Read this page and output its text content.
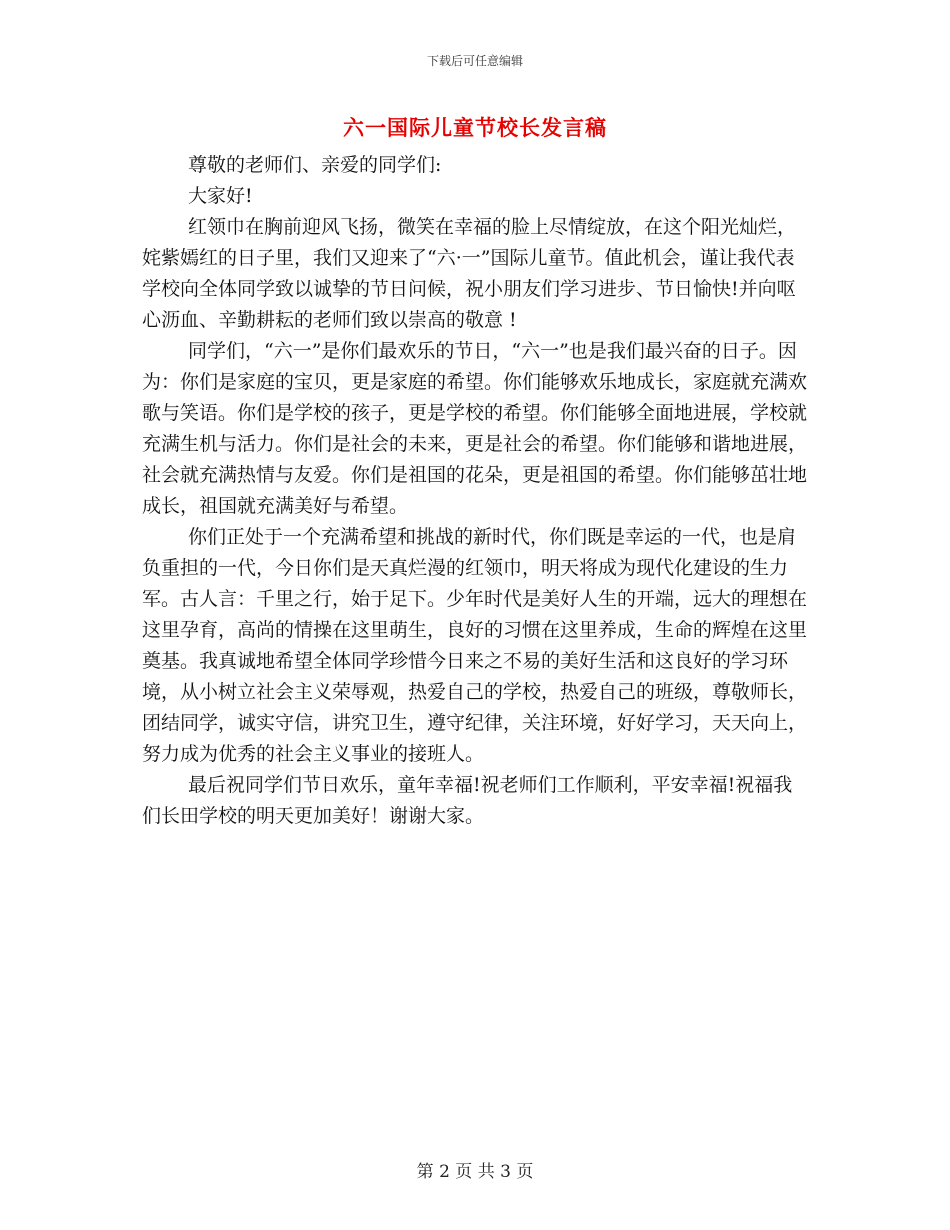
下载后可任意编辑
六一国际儿童节校长发言稿

尊敬的老师们、亲爱的同学们:

大家好!

红领巾在胸前迎风飞扬，微笑在幸福的脸上尽情绽放，在这个阳光灿烂，姹紫嫣红的日子里，我们又迎来了“六·一”国际儿童节。值此机会，谨让我代表学校向全体同学致以诚挚的节日问候，祝小朋友们学习进步、节日愉快!并向呕心沥血、辛勤耕耘的老师们致以崇高的敬意 !

同学们，“六一”是你们最欢乐的节日，“六一”也是我们最兴奋的日子。因为：你们是家庭的宝贝，更是家庭的希望。你们能够欢乐地成长，家庭就充满欢歌与笑语。你们是学校的孩子，更是学校的希望。你们能够全面地进展，学校就充满生机与活力。你们是社会的未来，更是社会的希望。你们能够和谐地进展，社会就充满热情与友爱。你们是祖国的花朵，更是祖国的希望。你们能够茁壮地成长，祖国就充满美好与希望。

你们正处于一个充满希望和挑战的新时代，你们既是幸运的一代，也是肩负重担的一代，今日你们是天真烂漫的红领巾，明天将成为现代化建设的生力军。古人言：千里之行，始于足下。少年时代是美好人生的开端，远大的理想在这里孕育，高尚的情操在这里萌生，良好的习惯在这里养成，生命的辉煌在这里奠基。我真诚地希望全体同学珍惜今日来之不易的美好生活和这良好的学习环境，从小树立社会主义荣辱观，热爱自己的学校，热爱自己的班级，尊敬师长，团结同学，诚实守信，讲究卫生，遵守纪律，关注环境，好好学习，天天向上，努力成为优秀的社会主义事业的接班人。

最后祝同学们节日欢乐，童年幸福!祝老师们工作顺利，平安幸福!祝福我们长田学校的明天更加美好！谢谢大家。

第 2 页 共 3 页
